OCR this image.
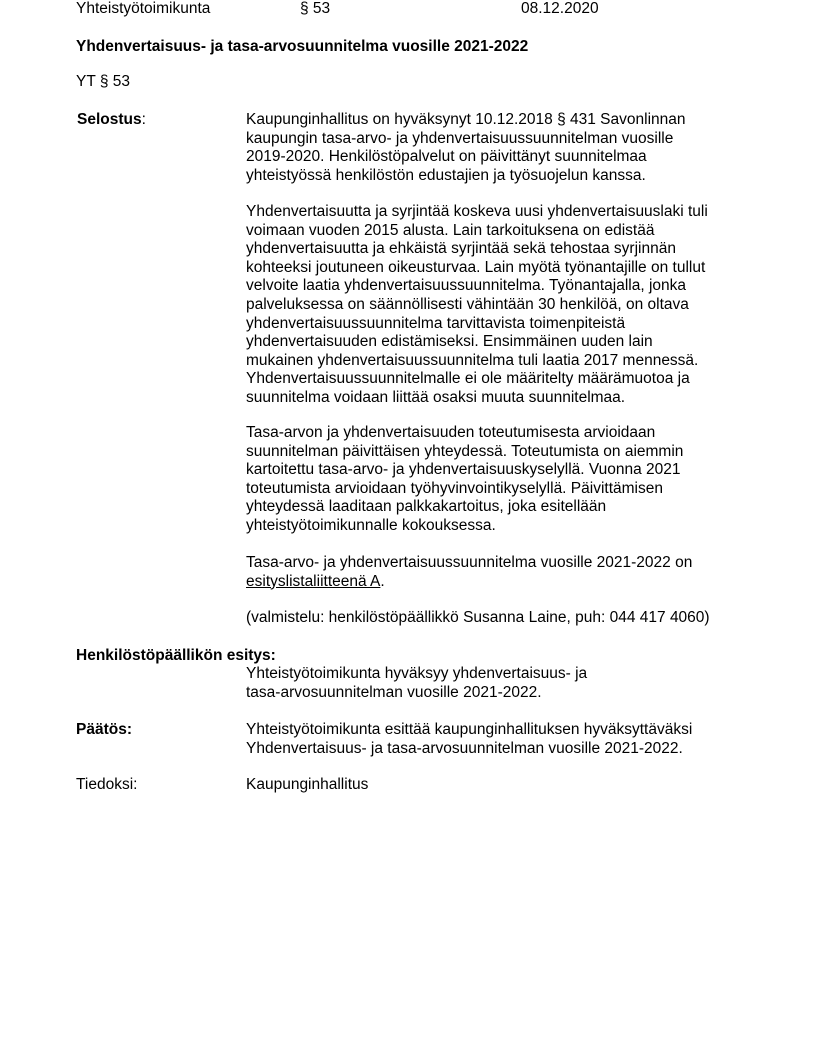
Yhteistyötoimikunta	§ 53	08.12.2020
Yhdenvertaisuus- ja tasa-arvosuunnitelma vuosille 2021-2022
YT § 53
Selostus:	Kaupunginhallitus on hyväksynyt 10.12.2018 § 431 Savonlinnan
kaupungin tasa-arvo- ja yhdenvertaisuussuunnitelman vuosille
2019-2020. Henkilöstöpalvelut on päivittänyt suunnitelmaa
yhteistyössä henkilöstön edustajien ja työsuojelun kanssa.

Yhdenvertaisuutta ja syrjintää koskeva uusi yhdenvertaisuuslaki tuli
voimaan vuoden 2015 alusta. Lain tarkoituksena on edistää
yhdenvertaisuutta ja ehkäistä syrjintää sekä tehostaa syrjinnän
kohteeksi joutuneen oikeusturvaa. Lain myötä työnantajille on tullut
velvoite laatia yhdenvertaisuussuunnitelma. Työnantajalla, jonka
palveluksessa on säännöllisesti vähintään 30 henkilöä, on oltava
yhdenvertaisuussuunnitelma tarvittavista toimenpiteistä
yhdenvertaisuuden edistämiseksi. Ensimmäinen uuden lain
mukainen yhdenvertaisuussuunnitelma tuli laatia 2017 mennessä.
Yhdenvertaisuussuunnitelmalle ei ole määritelty määrämuotoa ja
suunnitelma voidaan liittää osaksi muuta suunnitelmaa.

Tasa-arvon ja yhdenvertaisuuden toteutumisesta arvioidaan
suunnitelman päivittäisen yhteydessä. Toteutumista on aiemmin
kartoitettu tasa-arvo- ja yhdenvertaisuuskyselyllä. Vuonna 2021
toteutumista arvioidaan työhyvinvointikyselyllä. Päivittämisen
yhteydessä laaditaan palkkakartoitus, joka esitellään
yhteistyötoimikunnalle kokouksessa.

Tasa-arvo- ja yhdenvertaisuussuunnitelma vuosille 2021-2022 on
esityslistaliitteenä A.

(valmistelu: henkilöstöpäällikkö Susanna Laine, puh: 044 417 4060)

Henkilöstöpäällikön esitys:

Yhteistyötoimikunta hyväksyy yhdenvertaisuus- ja
tasa-arvosuunnitelman vuosille 2021-2022.

Päätös:	Yhteistyötoimikunta esittää kaupunginhallituksen hyväksyttäväksi
Yhdenvertaisuus- ja tasa-arvosuunnitelman vuosille 2021-2022.

Tiedoksi:	Kaupunginhallitus
